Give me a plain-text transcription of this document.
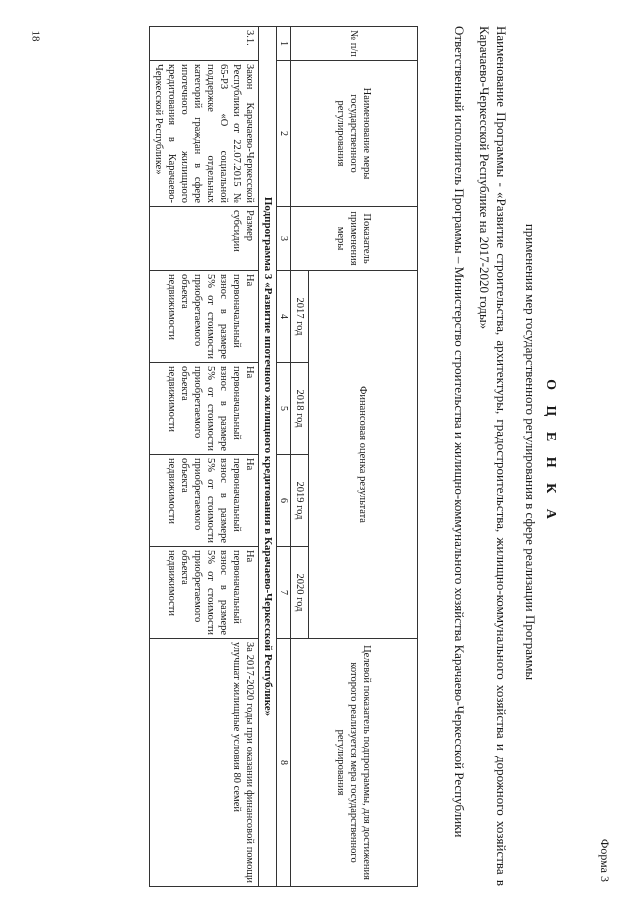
18
Форма 3
О Ц Е Н К А
применения мер государственного регулирования в сфере реализации Программы
Наименование Программы - «Развитие строительства, архитектуры, градостроительства, жилищно-коммунального хозяйства и дорожного хозяйства в Карачаево-Черкесской Республике на 2017-2020 годы»
Ответственный исполнитель Программы – Министерство строительства и жилищно-коммунального хозяйства Карачаево-Черкесской Республики
№ п/п	Наименование меры государственного регулирования	Показатель применения меры	Финансовая оценка результата				Целевой показатель подпрограммы, для достижения которого реализуется мера государственного регулирования
			2017 год	2018 год	2019 год	2020 год	
1	2	3	4	5	6	7	8
Подпрограмма 3 «Развитие ипотечного жилищного кредитования в Карачаево-Черкесской Республике»							
3.1.	Закон Карачаево-Черкесской Республики от 22.07.2015 № 65-РЗ «О социальной поддержке отдельных категорий граждан в сфере ипотечного жилищного кредитования в Карачаево-Черкесской Республике»	Размер субсидии	На первоначальный взнос в размере 5% от стоимости приобретаемого объекта недвижимости	На первоначальный взнос в размере 5% от стоимости приобретаемого объекта недвижимости	На первоначальный взнос в размере 5% от стоимости приобретаемого объекта недвижимости	На первоначальный взнос в размере 5% от стоимости приобретаемого объекта недвижимости	За 2017-2020 годы при оказании финансовой помощи улучшат жилищные условия 80 семей
